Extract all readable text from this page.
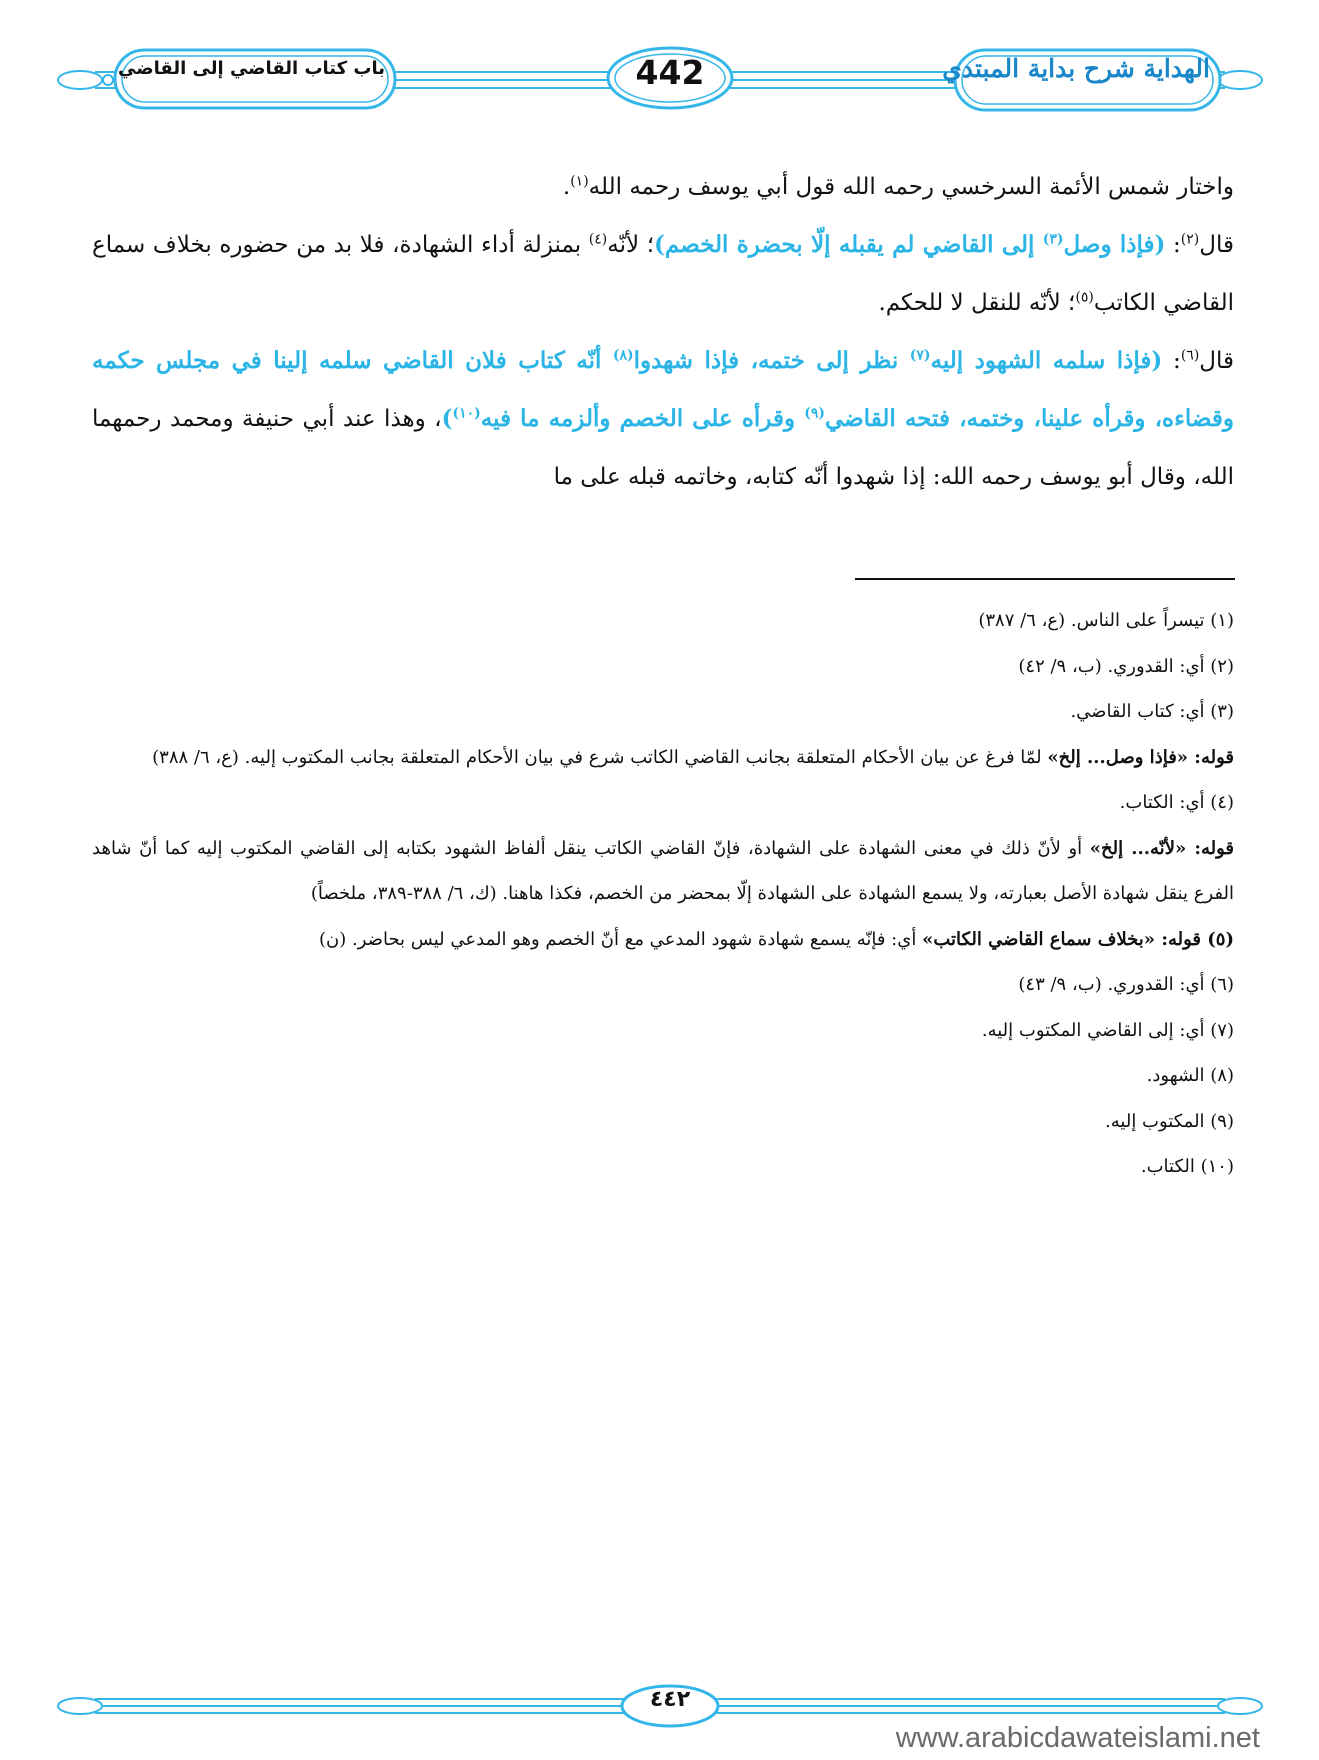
الهداية شرح بداية المبتدي
442
باب كتاب القاضي إلى القاضي

واختار شمس الأئمة السرخسي رحمه الله قول أبي يوسف رحمه الله$^{(١)}$.

قال$^{(٢)}$: (فإذا وصل$^{(٣)}$ إلى القاضي لم يقبله إلّا بحضرة الخصم)؛ لأنّه$^{(٤)}$ بمنزلة أداء الشهادة، فلا بد من حضوره بخلاف سماع القاضي الكاتب$^{(٥)}$؛ لأنّه للنقل لا للحكم.

قال$^{(٦)}$: (فإذا سلمه الشهود إليه$^{(٧)}$ نظر إلى ختمه، فإذا شهدوا$^{(٨)}$ أنّه كتاب فلان القاضي سلمه إلينا في مجلس حكمه وقضاءه، وقرأه علينا، وختمه، فتحه القاضي$^{(٩)}$ وقرأه على الخصم وألزمه ما فيه$^{(١٠)}$)، وهذا عند أبي حنيفة ومحمد رحمهما الله، وقال أبو يوسف رحمه الله: إذا شهدوا أنّه كتابه، وخاتمه قبله على ما

(١) تيسراً على الناس. (ع، ٦/ ٣٨٧)

(٢) أي: القدوري. (ب، ٩/ ٤٢)

(٣) أي: كتاب القاضي.

قوله: «فإذا وصل... إلخ» لمّا فرغ عن بيان الأحكام المتعلقة بجانب القاضي الكاتب شرع في بيان الأحكام المتعلقة بجانب المكتوب إليه. (ع، ٦/ ٣٨٨)

(٤) أي: الكتاب.

قوله: «لأنّه... إلخ» أو لأنّ ذلك في معنى الشهادة على الشهادة، فإنّ القاضي الكاتب ينقل ألفاظ الشهود بكتابه إلى القاضي المكتوب إليه كما أنّ شاهد الفرع ينقل شهادة الأصل بعبارته، ولا يسمع الشهادة على الشهادة إلّا بمحضر من الخصم، فكذا هاهنا. (ك، ٦/ ٣٨٨-٣٨٩، ملخصاً)

(٥) قوله: «بخلاف سماع القاضي الكاتب» أي: فإنّه يسمع شهادة شهود المدعي مع أنّ الخصم وهو المدعي ليس بحاضر. (ن)

(٦) أي: القدوري. (ب، ٩/ ٤٣)

(٧) أي: إلى القاضي المكتوب إليه.

(٨) الشهود.

(٩) المكتوب إليه.

(١٠) الكتاب.

٤٤٢
www.arabicdawateislami.net
